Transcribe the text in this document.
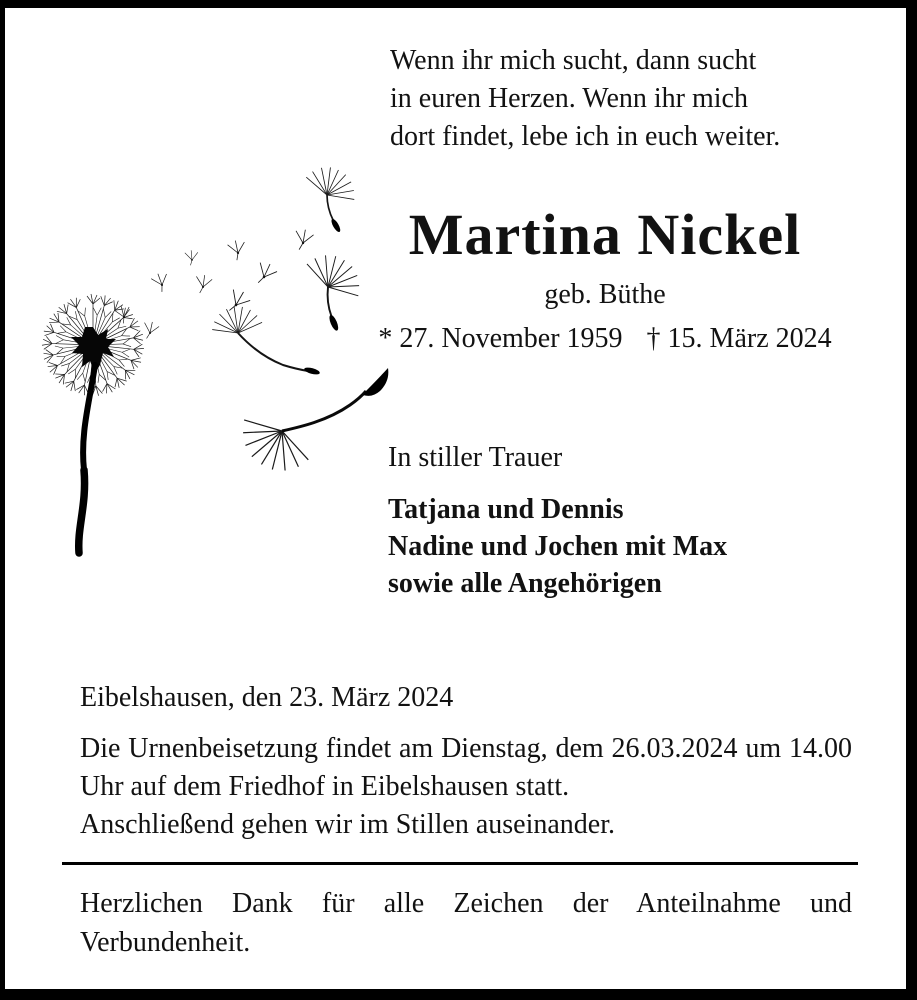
Wenn ihr mich sucht, dann sucht
in euren Herzen. Wenn ihr mich
dort findet, lebe ich in euch weiter.
Martina Nickel
geb. Büthe
* 27. November 1959 † 15. März 2024
In stiller Trauer
Tatjana und Dennis
Nadine und Jochen mit Max
sowie alle Angehörigen
Eibelshausen, den 23. März 2024

Die Urnenbeisetzung findet am Dienstag, dem 26.03.2024 um 14.00 Uhr auf dem Friedhof in Eibelshausen statt.

Anschließend gehen wir im Stillen auseinander.

Herzlichen Dank für alle Zeichen der Anteilnahme und Verbundenheit.
